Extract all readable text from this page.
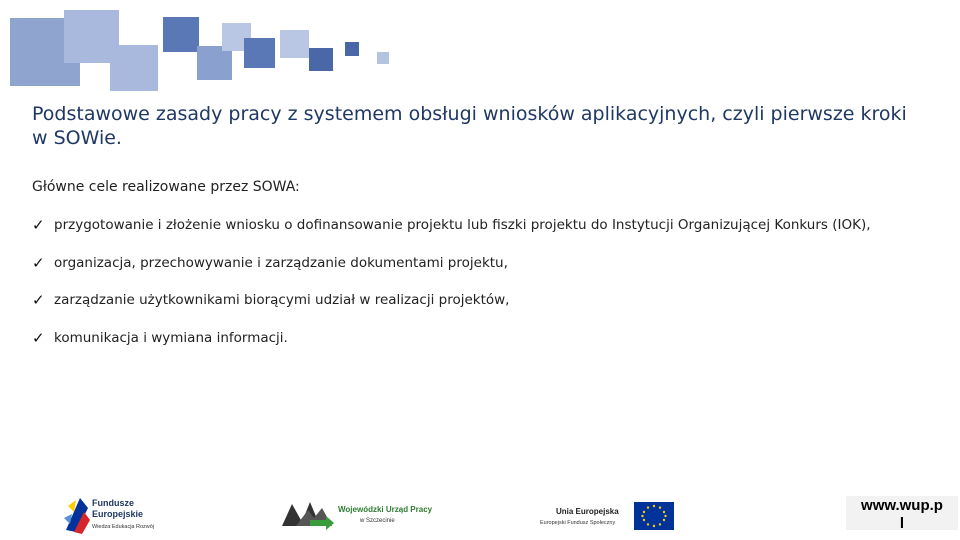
Podstawowe zasady pracy z systemem obsługi wniosków aplikacyjnych, czyli pierwsze kroki w SOWie.

Główne cele realizowane przez SOWA:

✓ przygotowanie i złożenie wniosku o dofinansowanie projektu lub fiszki projektu do Instytucji Organizującej Konkurs (IOK),
✓ organizacja, przechowywanie i zarządzanie dokumentami projektu,
✓ zarządzanie użytkownikami biorącymi udział w realizacji projektów,
✓ komunikacja i wymiana informacji.
Fundusze
Europejskie
Wiedza Edukacja Rozwój
Wojewódzki Urząd Pracy
w Szczecinie
Unia Europejska
Europejski Fundusz Społeczny
www.wup.p
l
